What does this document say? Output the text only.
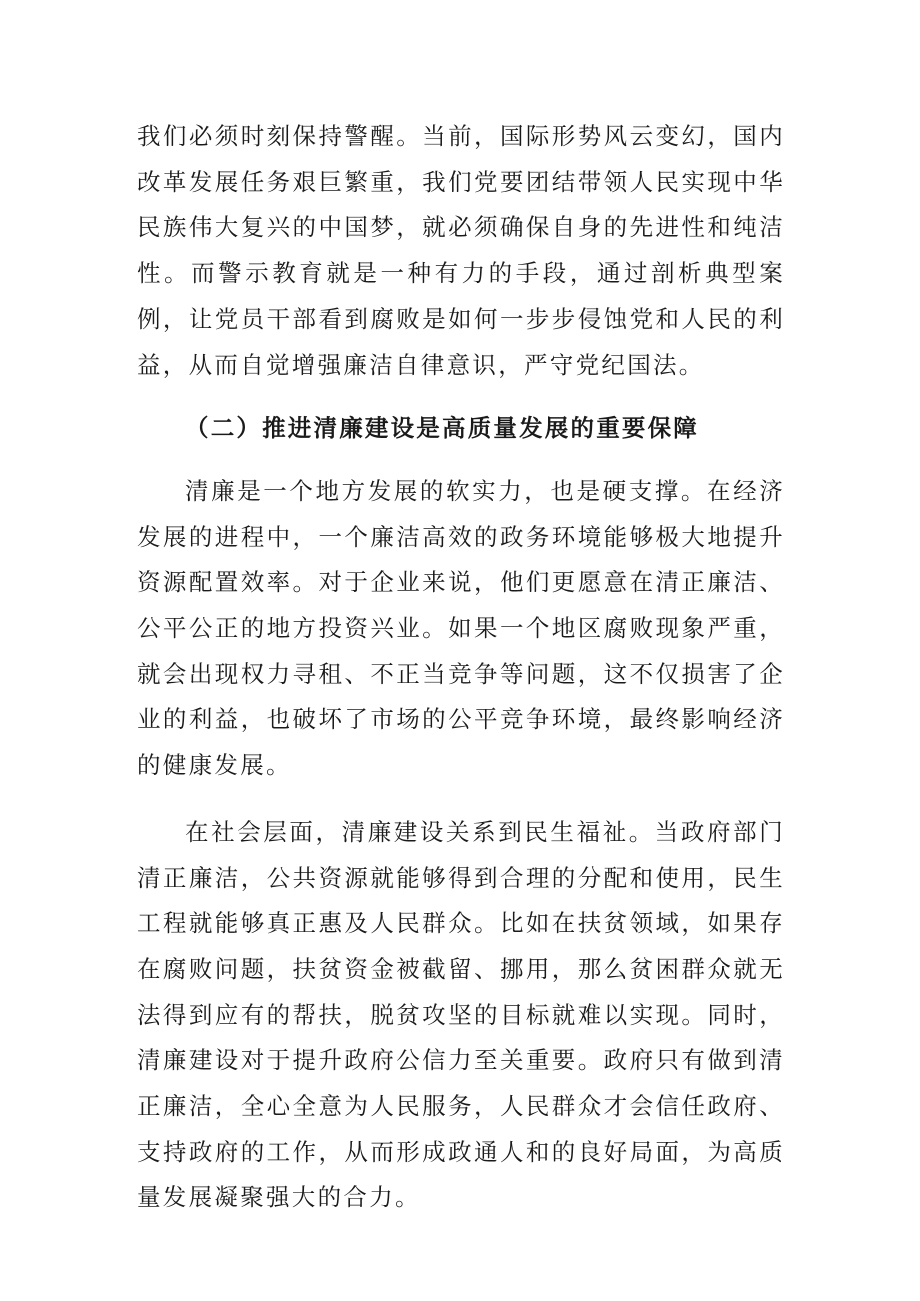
我们必须时刻保持警醒。当前，国际形势风云变幻，国内改革发展任务艰巨繁重，我们党要团结带领人民实现中华民族伟大复兴的中国梦，就必须确保自身的先进性和纯洁性。而警示教育就是一种有力的手段，通过剖析典型案例，让党员干部看到腐败是如何一步步侵蚀党和人民的利益，从而自觉增强廉洁自律意识，严守党纪国法。

（二）推进清廉建设是高质量发展的重要保障

清廉是一个地方发展的软实力，也是硬支撑。在经济发展的进程中，一个廉洁高效的政务环境能够极大地提升资源配置效率。对于企业来说，他们更愿意在清正廉洁、公平公正的地方投资兴业。如果一个地区腐败现象严重，就会出现权力寻租、不正当竞争等问题，这不仅损害了企业的利益，也破坏了市场的公平竞争环境，最终影响经济的健康发展。

在社会层面，清廉建设关系到民生福祉。当政府部门清正廉洁，公共资源就能够得到合理的分配和使用，民生工程就能够真正惠及人民群众。比如在扶贫领域，如果存在腐败问题，扶贫资金被截留、挪用，那么贫困群众就无法得到应有的帮扶，脱贫攻坚的目标就难以实现。同时，清廉建设对于提升政府公信力至关重要。政府只有做到清正廉洁，全心全意为人民服务，人民群众才会信任政府、支持政府的工作，从而形成政通人和的良好局面，为高质量发展凝聚强大的合力。
